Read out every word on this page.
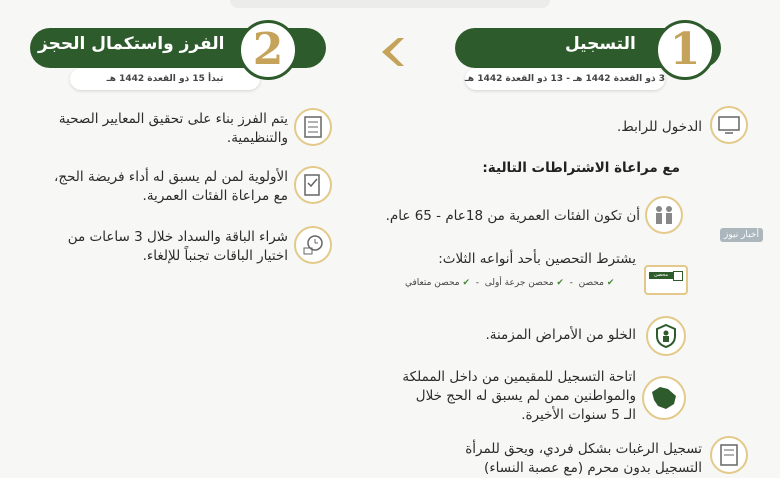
الفرز واستكمال الحجز
تبدأ 15 ذو القعدة 1442 هـ
2	التسجيل
3 ذو القعدة 1442 هـ - 13 ذو القعدة 1442 هـ
1
يتم الفرز بناء على تحقيق المعايير الصحية والتنظيمية.
الأولوية لمن لم يسبق له أداء فريضة الحج، مع مراعاة الفئات العمرية.
شراء الباقة والسداد خلال 3 ساعات من اختيار الباقات تجنباً للإلغاء.
الدخول للرابط.
مع مراعاة الاشتراطات التالية:
أن تكون الفئات العمرية من 18عام - 65 عام.
أخبار نيوز
يشترط التحصين بأحد أنواعه الثلاث:
✔ محصن  -  ✔ محصن جرعة أولى  -  ✔ محصن متعافي
محصن
الخلو من الأمراض المزمنة.
اتاحة التسجيل للمقيمين من داخل المملكة
والمواطنين ممن لم يسبق له الحج خلال
الـ 5 سنوات الأخيرة.
تسجيل الرغبات بشكل فردي، ويحق للمرأة
التسجيل بدون محرم (مع عصبة النساء)
